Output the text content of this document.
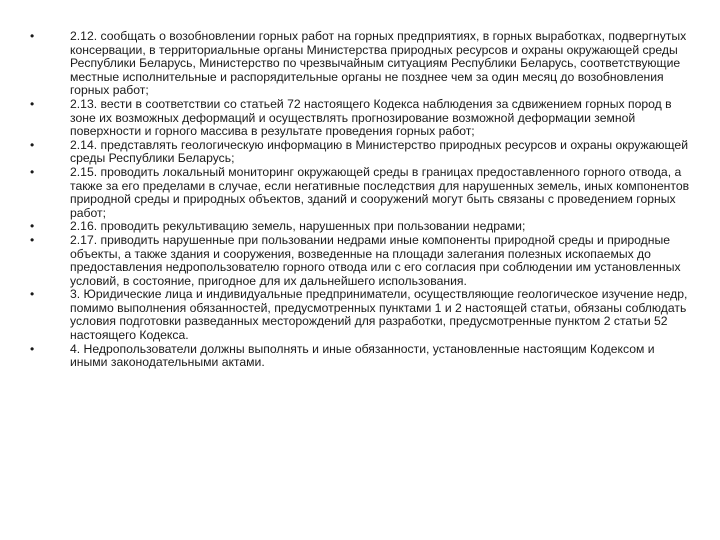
•	2.12. сообщать о возобновлении горных работ на горных предприятиях, в горных выработках, подвергнутых консервации, в территориальные органы Министерства природных ресурсов и охраны окружающей среды Республики Беларусь, Министерство по чрезвычайным ситуациям Республики Беларусь, соответствующие местные исполнительные и распорядительные органы не позднее чем за один месяц до возобновления горных работ;
•	2.13. вести в соответствии со статьей 72 настоящего Кодекса наблюдения за сдвижением горных пород в зоне их возможных деформаций и осуществлять прогнозирование возможной деформации земной поверхности и горного массива в результате проведения горных работ;
•	2.14. представлять геологическую информацию в Министерство природных ресурсов и охраны окружающей среды Республики Беларусь;
•	2.15. проводить локальный мониторинг окружающей среды в границах предоставленного горного отвода, а также за его пределами в случае, если негативные последствия для нарушенных земель, иных компонентов природной среды и природных объектов, зданий и сооружений могут быть связаны с проведением горных работ;
•	2.16. проводить рекультивацию земель, нарушенных при пользовании недрами;
•	2.17. приводить нарушенные при пользовании недрами иные компоненты природной среды и природные объекты, а также здания и сооружения, возведенные на площади залегания полезных ископаемых до предоставления недропользователю горного отвода или с его согласия при соблюдении им установленных условий, в состояние, пригодное для их дальнейшего использования.
•	3. Юридические лица и индивидуальные предприниматели, осуществляющие геологическое изучение недр, помимо выполнения обязанностей, предусмотренных пунктами 1 и 2 настоящей статьи, обязаны соблюдать условия подготовки разведанных месторождений для разработки, предусмотренные пунктом 2 статьи 52 настоящего Кодекса.
•	4. Недропользователи должны выполнять и иные обязанности, установленные настоящим Кодексом и иными законодательными актами.
